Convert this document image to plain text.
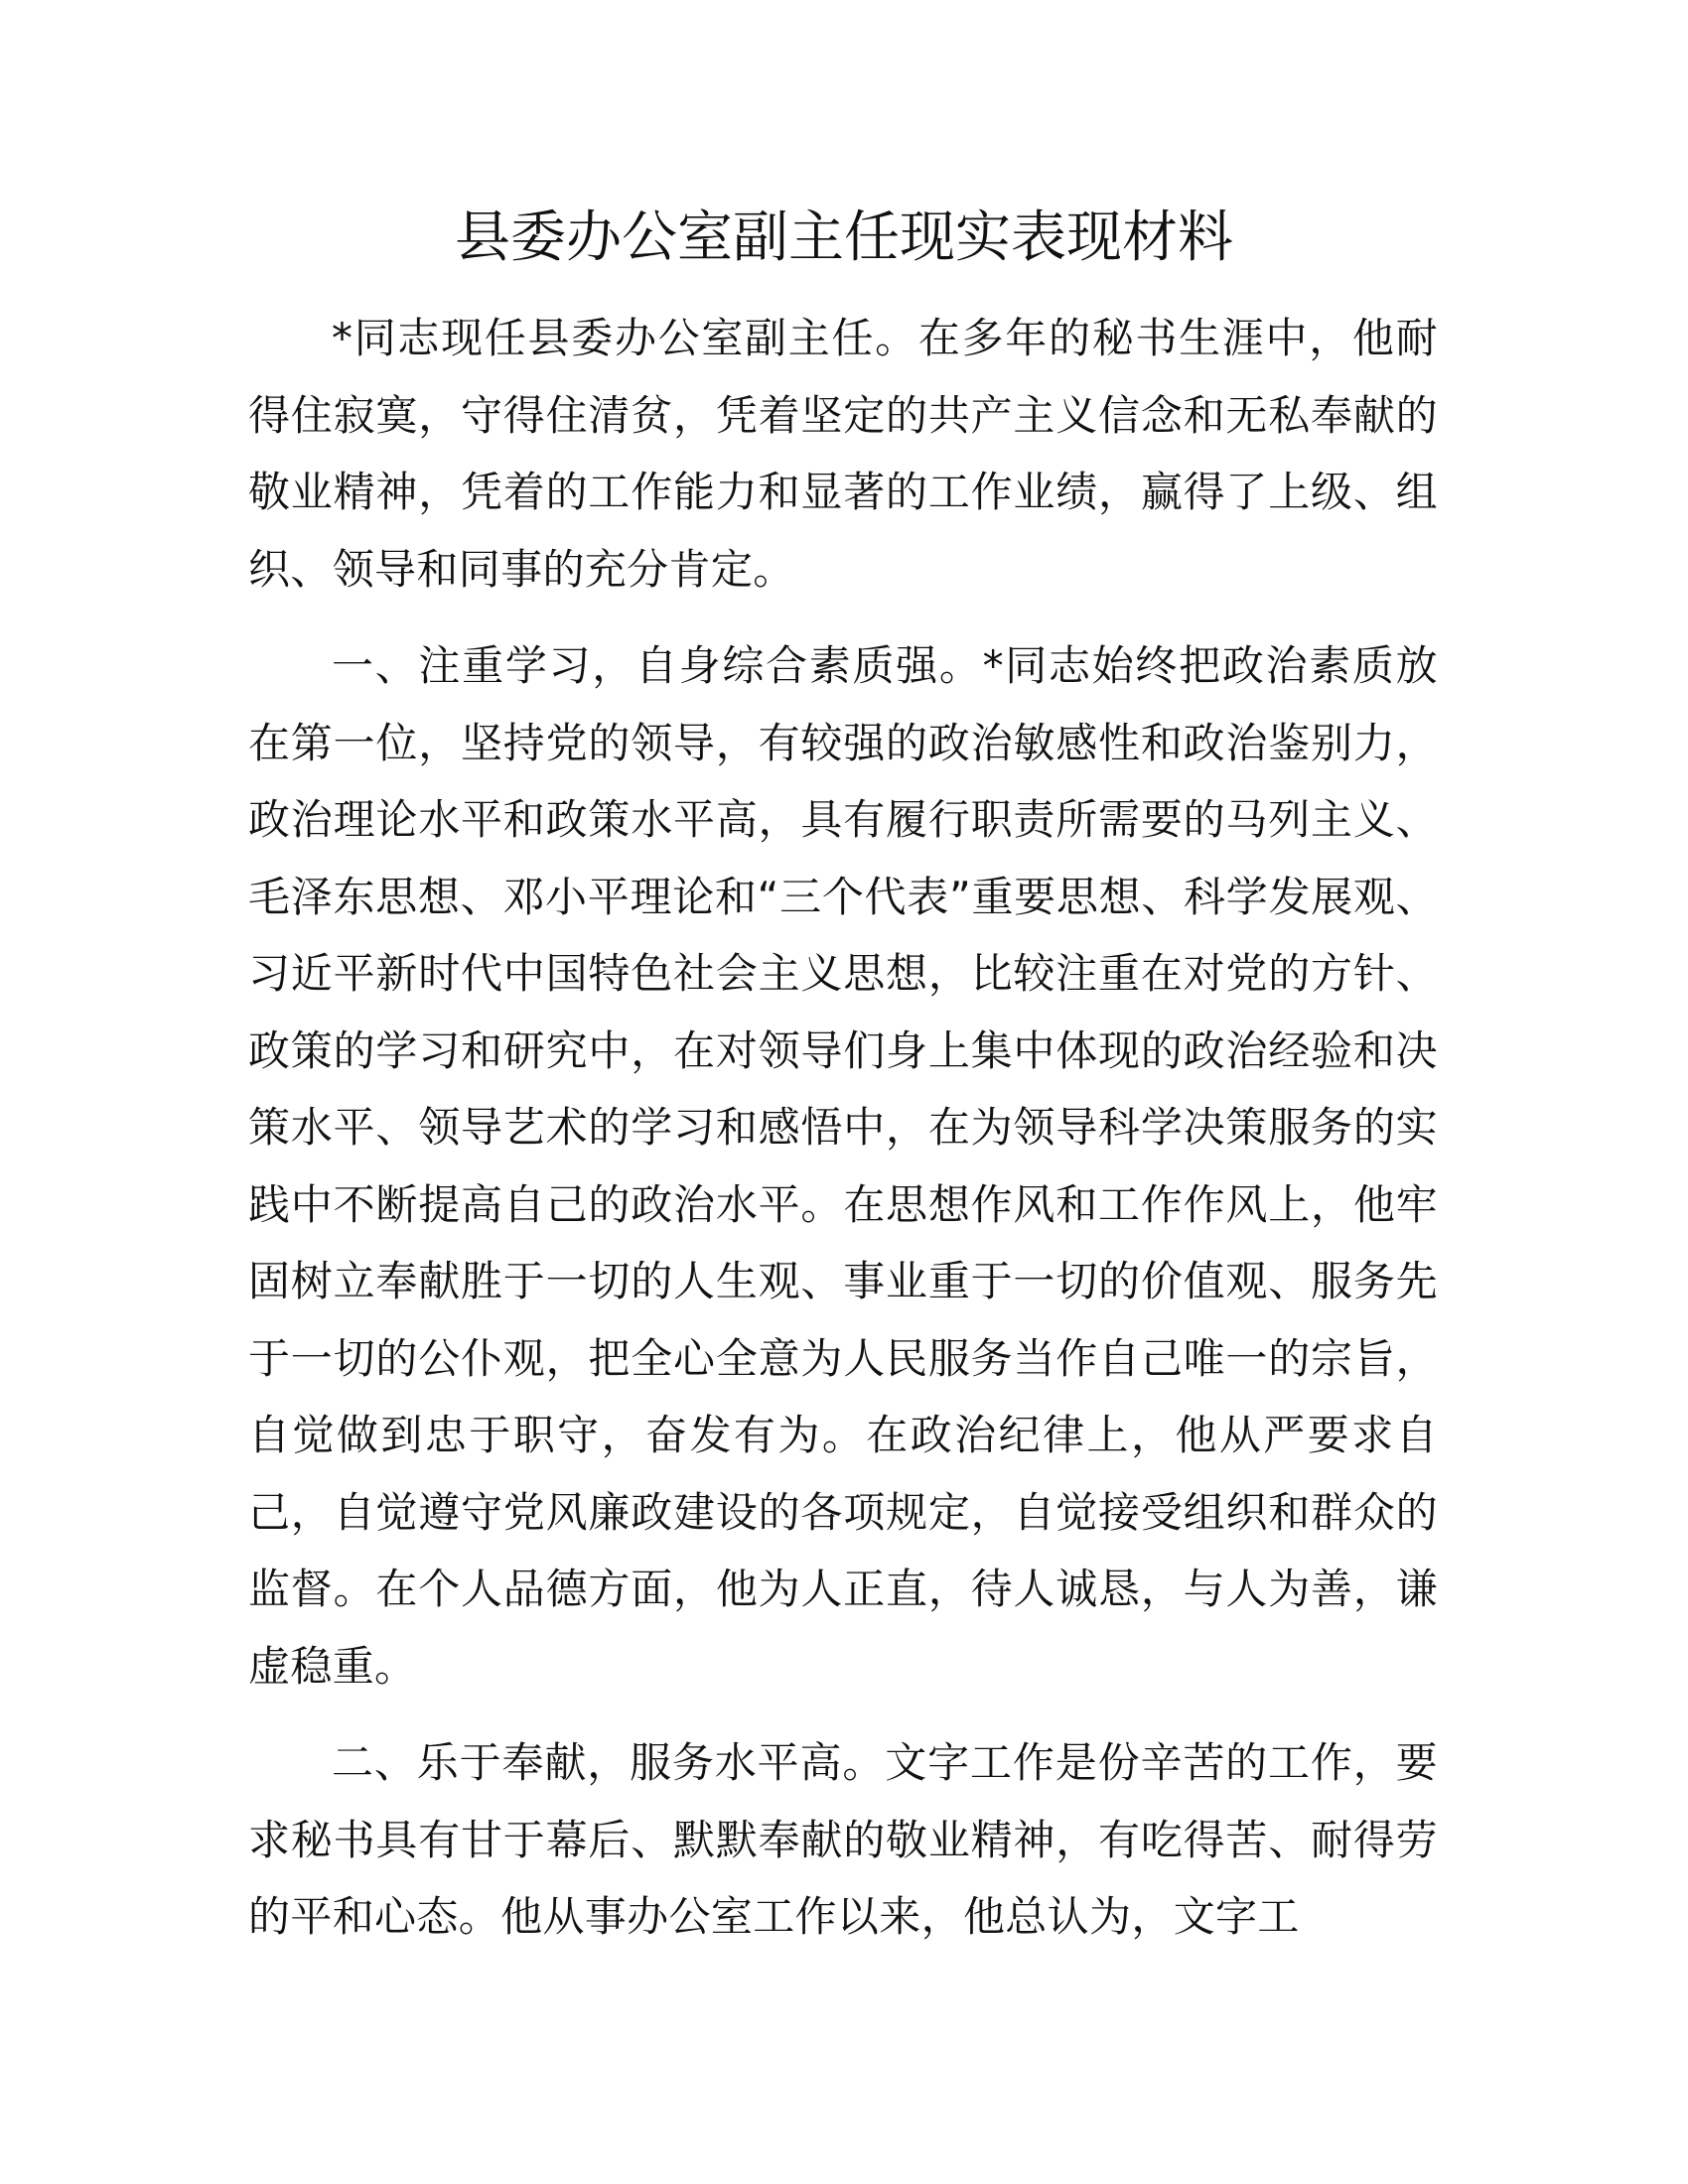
县委办公室副主任现实表现材料

*同志现任县委办公室副主任。在多年的秘书生涯中，他耐得住寂寞，守得住清贫，凭着坚定的共产主义信念和无私奉献的敬业精神，凭着的工作能力和显著的工作业绩，赢得了上级、组织、领导和同事的充分肯定。

一、注重学习，自身综合素质强。*同志始终把政治素质放在第一位，坚持党的领导，有较强的政治敏感性和政治鉴别力，政治理论水平和政策水平高，具有履行职责所需要的马列主义、毛泽东思想、邓小平理论和“三个代表”重要思想、科学发展观、习近平新时代中国特色社会主义思想，比较注重在对党的方针、政策的学习和研究中，在对领导们身上集中体现的政治经验和决策水平、领导艺术的学习和感悟中，在为领导科学决策服务的实践中不断提高自己的政治水平。在思想作风和工作作风上，他牢固树立奉献胜于一切的人生观、事业重于一切的价值观、服务先于一切的公仆观，把全心全意为人民服务当作自己唯一的宗旨，自觉做到忠于职守，奋发有为。在政治纪律上，他从严要求自己，自觉遵守党风廉政建设的各项规定，自觉接受组织和群众的监督。在个人品德方面，他为人正直，待人诚恳，与人为善，谦虚稳重。

二、乐于奉献，服务水平高。文字工作是份辛苦的工作，要求秘书具有甘于幕后、默默奉献的敬业精神，有吃得苦、耐得劳的平和心态。他从事办公室工作以来，他总认为，文字工
